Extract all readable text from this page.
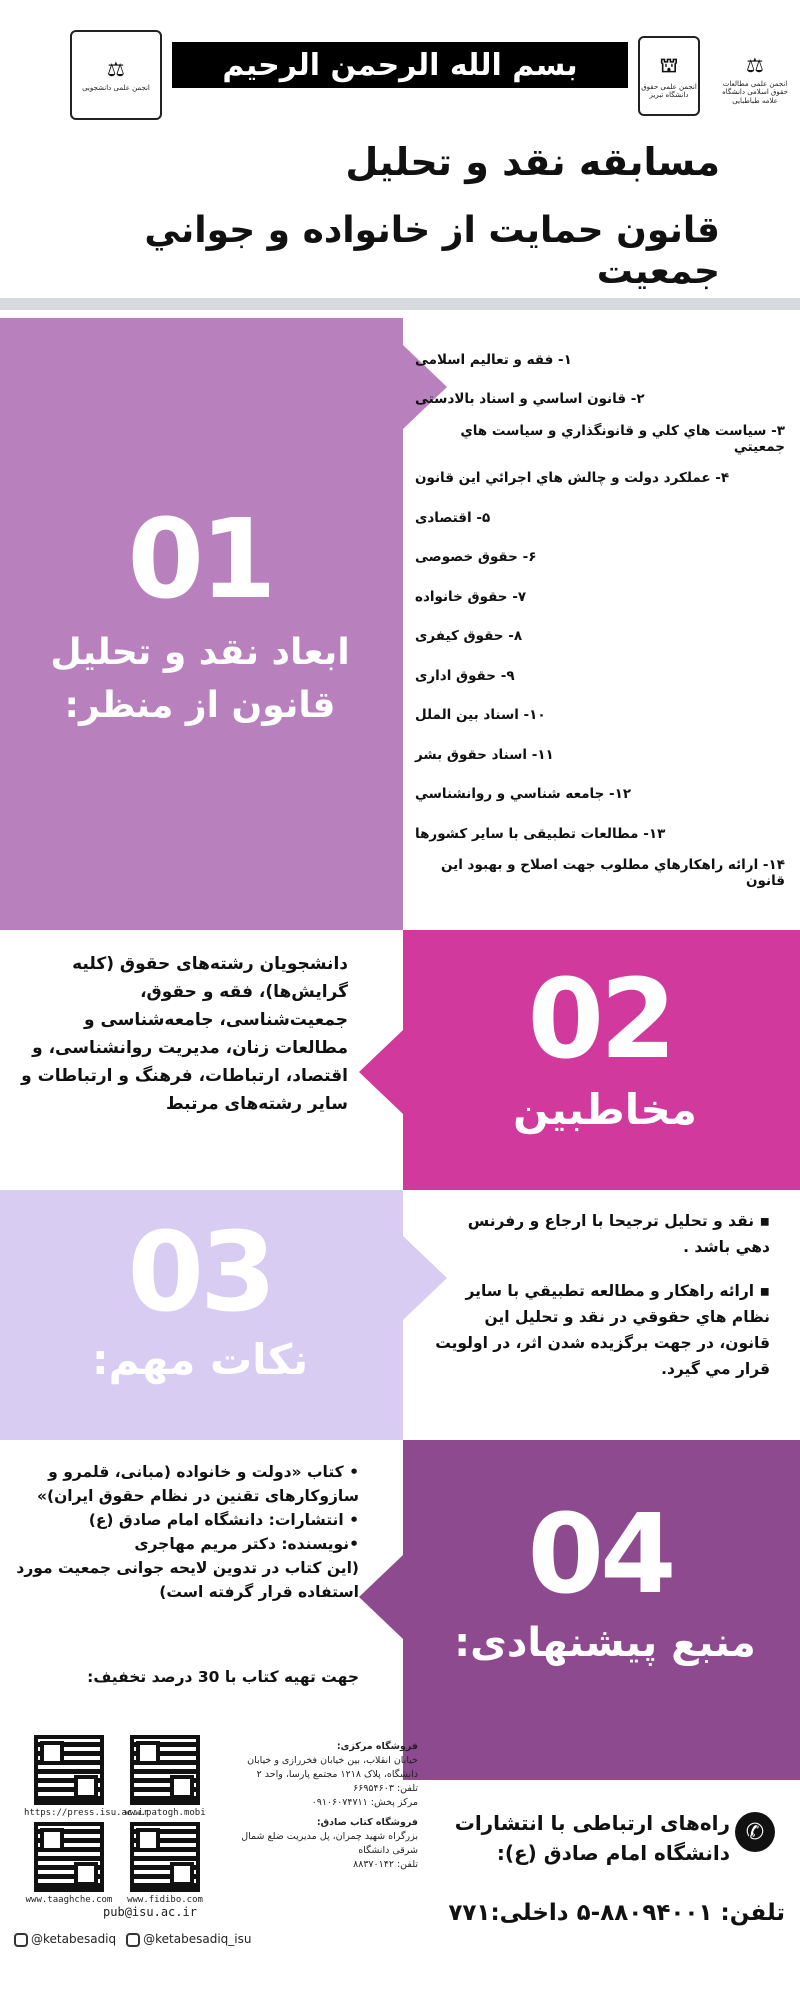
⚖
انجمن علمی دانشجویی
بسم الله الرحمن الرحيم	⛫
انجمن علمی حقوق دانشگاه تبریز
⚖
انجمن علمی مطالعات حقوق اسلامی دانشگاه علامه طباطبایی
مسابقه نقد و تحلیل
قانون حمایت از خانواده و جواني جمعیت
01
ابعاد نقد و تحلیل
قانون از منظر:
۱- فقه و تعالیم اسلامی
۲- قانون اساسي و اسناد بالادستی
۳- سیاست هاي کلي و قانونگذاري و سیاست هاي جمعیتي
۴- عملکرد دولت و چالش هاي اجرائي این قانون
۵- اقتصادی
۶- حقوق خصوصی
۷- حقوق خانواده
۸- حقوق کیفری
۹- حقوق اداری
۱۰- اسناد بین الملل
۱۱- اسناد حقوق بشر
۱۲- جامعه شناسي و روانشناسي
۱۳- مطالعات تطبیقی با سایر کشورها
۱۴- ارائه راهکارهاي مطلوب جهت اصلاح و بهبود این قانون
دانشجویان رشته‌های حقوق (کلیه گرایش‌ها)، فقه و حقوق، جمعیت‌شناسی، جامعه‌شناسی و مطالعات زنان، مدیریت روانشناسی، و اقتصاد، ارتباطات، فرهنگ و ارتباطات و سایر رشته‌های مرتبط
02
مخاطبین
03
نکات مهم:
▪ نقد و تحلیل ترجیحا با ارجاع و رفرنس دهي باشد .
▪ ارائه راهکار و مطالعه تطبیقي با سایر نظام هاي حقوقي در نقد و تحلیل این قانون، در جهت برگزیده شدن اثر، در اولویت قرار مي گیرد.
• کتاب «دولت و خانواده (مبانی، قلمرو و سازوکارهای تقنین در نظام حقوق ایران)»
• انتشارات: دانشگاه امام صادق (ع)
•نویسنده: دکتر مریم مهاجری
(این کتاب در تدوین لایحه جوانی جمعیت مورد استفاده قرار گرفته است)
جهت تهیه کتاب با 30 درصد تخفیف:
04
منبع پیشنهادی:
https://press.isu.ac.ir
www.patogh.mobi
www.taaghche.com	www.fidibo.com
فروشگاه مرکزی:
خیابان انقلاب، بین خیابان فخررازی و خیابان دانشگاه، پلاک ۱۲۱۸ مجتمع پارسا، واحد ۲
تلفن: ۶۶۹۵۴۶۰۳
مرکز پخش: ۰۹۱۰۶۰۷۴۷۱۱
فروشگاه کتاب صادق:
بزرگراه شهید چمران، پل مدیریت ضلع شمال شرقی دانشگاه
تلفن: ۸۸۳۷۰۱۴۲
pub@isu.ac.ir
@ketabesadiq	@ketabesadiq_isu
✆
راه‌های ارتباطی با انتشارات دانشگاه امام صادق (ع):
تلفن: ۸۸۰۹۴۰۰۱-۵ داخلی:۷۷۱
